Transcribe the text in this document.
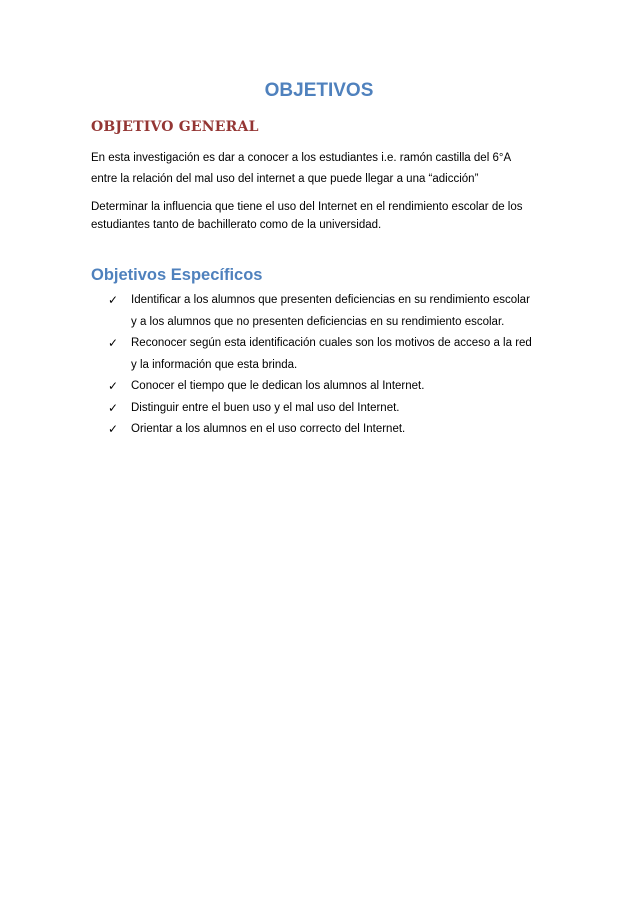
OBJETIVOS
OBJETIVO GENERAL

En esta investigación es dar a conocer a los estudiantes i.e. ramón castilla del 6°A
entre la relación del mal uso del internet a que puede llegar a una “adicción”

Determinar la influencia que tiene el uso del Internet en el rendimiento escolar de los
estudiantes tanto de bachillerato como de la universidad.

Objetivos Específicos
✓ Identificar a los alumnos que presenten deficiencias en su rendimiento escolar
y a los alumnos que no presenten deficiencias en su rendimiento escolar.
✓ Reconocer según esta identificación cuales son los motivos de acceso a la red
y la información que esta brinda.
✓ Conocer el tiempo que le dedican los alumnos al Internet.
✓ Distinguir entre el buen uso y el mal uso del Internet.
✓ Orientar a los alumnos en el uso correcto del Internet.
